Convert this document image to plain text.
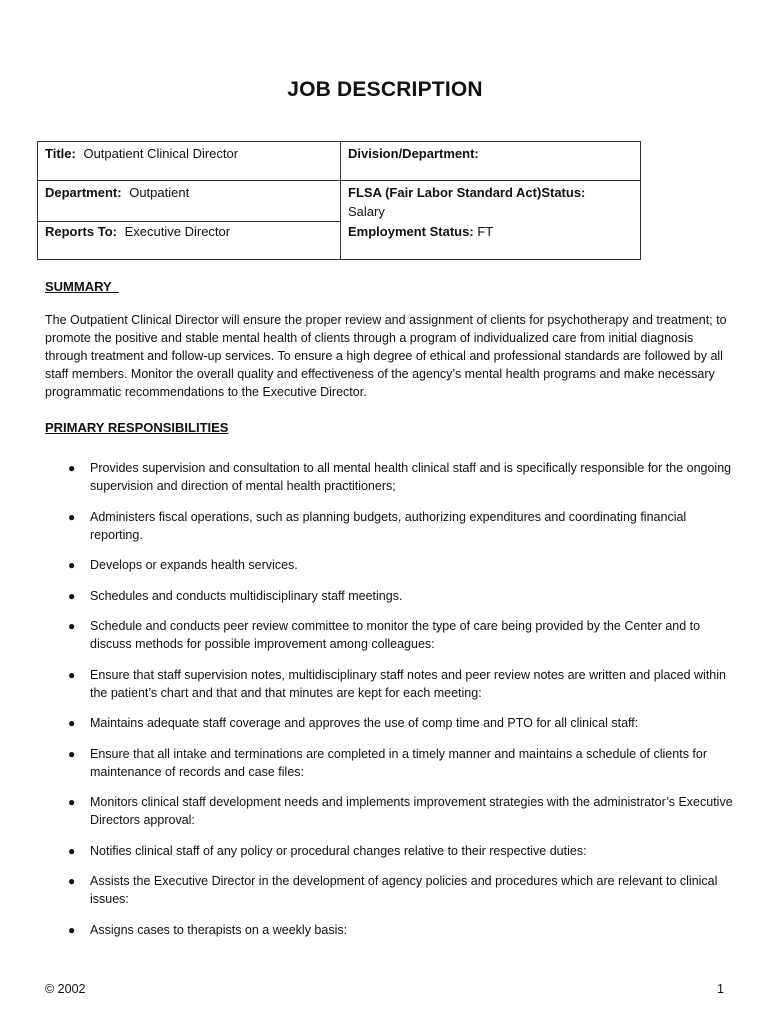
JOB DESCRIPTION
Title: Outpatient Clinical Director	Division/Department:
Department: Outpatient	FLSA (Fair Labor Standard Act)Status:
Salary
Reports To: Executive Director	Employment Status: FT
SUMMARY
The Outpatient Clinical Director will ensure the proper review and assignment of clients for psychotherapy and treatment; to promote the positive and stable mental health of clients through a program of individualized care from initial diagnosis through treatment and follow-up services. To ensure a high degree of ethical and professional standards are followed by all staff members. Monitor the overall quality and effectiveness of the agency’s mental health programs and make necessary programmatic recommendations to the Executive Director.
PRIMARY RESPONSIBILITIES
● Provides supervision and consultation to all mental health clinical staff and is specifically responsible for the ongoing supervision and direction of mental health practitioners;
● Administers fiscal operations, such as planning budgets, authorizing expenditures and coordinating financial reporting.
● Develops or expands health services.
● Schedules and conducts multidisciplinary staff meetings.
● Schedule and conducts peer review committee to monitor the type of care being provided by the Center and to discuss methods for possible improvement among colleagues:
● Ensure that staff supervision notes, multidisciplinary staff notes and peer review notes are written and placed within the patient’s chart and that and that minutes are kept for each meeting:
● Maintains adequate staff coverage and approves the use of comp time and PTO for all clinical staff:
● Ensure that all intake and terminations are completed in a timely manner and maintains a schedule of clients for maintenance of records and case files:
● Monitors clinical staff development needs and implements improvement strategies with the administrator’s Executive Directors approval:
● Notifies clinical staff of any policy or procedural changes relative to their respective duties:
● Assists the Executive Director in the development of agency policies and procedures which are relevant to clinical issues:
● Assigns cases to therapists on a weekly basis:
© 2002	1
